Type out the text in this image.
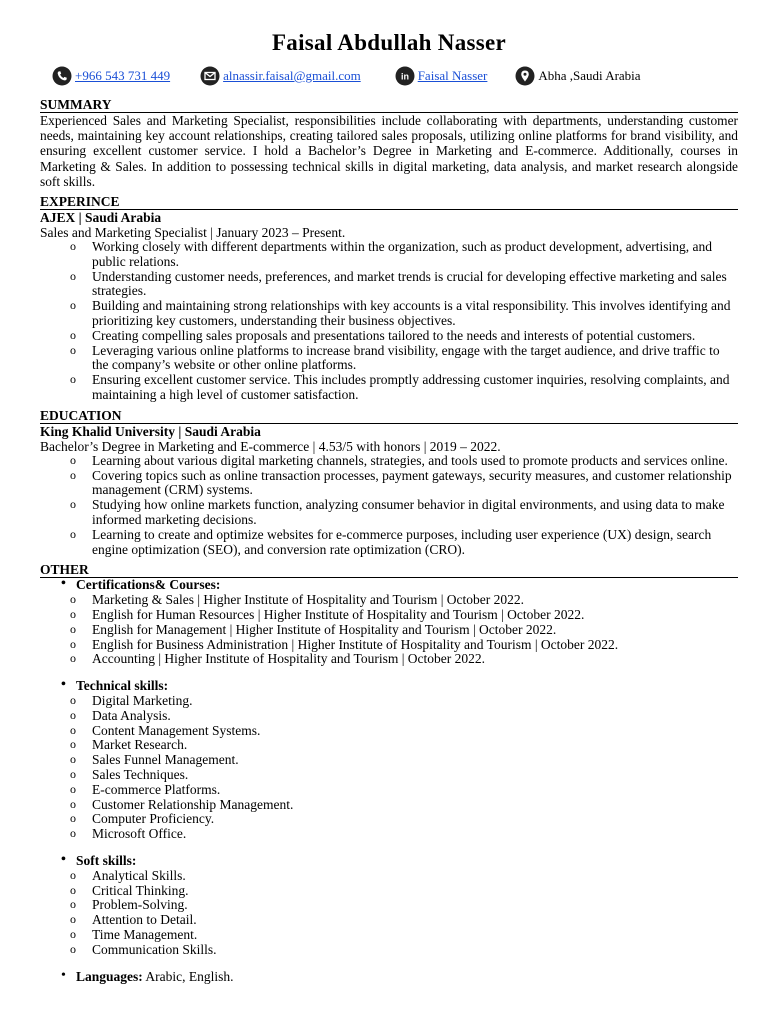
Faisal Abdullah Nasser
+966 543 731 449	alnassir.faisal@gmail.com	in Faisal Nasser	Abha ,Saudi Arabia
SUMMARY
Experienced Sales and Marketing Specialist, responsibilities include collaborating with departments, understanding customer needs, maintaining key account relationships, creating tailored sales proposals, utilizing online platforms for brand visibility, and ensuring excellent customer service. I hold a Bachelor’s Degree in Marketing and E-commerce. Additionally, courses in Marketing & Sales. In addition to possessing technical skills in digital marketing, data analysis, and market research alongside soft skills.
EXPERINCE
AJEX | Saudi Arabia
Sales and Marketing Specialist | January 2023 – Present.
o Working closely with different departments within the organization, such as product development, advertising, and public relations.
o Understanding customer needs, preferences, and market trends is crucial for developing effective marketing and sales strategies.
o Building and maintaining strong relationships with key accounts is a vital responsibility. This involves identifying and prioritizing key customers, understanding their business objectives.
o Creating compelling sales proposals and presentations tailored to the needs and interests of potential customers.
o Leveraging various online platforms to increase brand visibility, engage with the target audience, and drive traffic to the company’s website or other online platforms.
o Ensuring excellent customer service. This includes promptly addressing customer inquiries, resolving complaints, and maintaining a high level of customer satisfaction.
EDUCATION
King Khalid University | Saudi Arabia
Bachelor’s Degree in Marketing and E-commerce | 4.53/5 with honors | 2019 – 2022.
o Learning about various digital marketing channels, strategies, and tools used to promote products and services online.
o Covering topics such as online transaction processes, payment gateways, security measures, and customer relationship management (CRM) systems.
o Studying how online markets function, analyzing consumer behavior in digital environments, and using data to make informed marketing decisions.
o Learning to create and optimize websites for e-commerce purposes, including user experience (UX) design, search engine optimization (SEO), and conversion rate optimization (CRO).
OTHER
• Certifications& Courses:
o Marketing & Sales | Higher Institute of Hospitality and Tourism | October 2022.
o English for Human Resources | Higher Institute of Hospitality and Tourism | October 2022.
o English for Management | Higher Institute of Hospitality and Tourism | October 2022.
o English for Business Administration | Higher Institute of Hospitality and Tourism | October 2022.
o Accounting | Higher Institute of Hospitality and Tourism | October 2022.
• Technical skills:
o Digital Marketing.
o Data Analysis.
o Content Management Systems.
o Market Research.
o Sales Funnel Management.
o Sales Techniques.
o E-commerce Platforms.
o Customer Relationship Management.
o Computer Proficiency.
o Microsoft Office.
• Soft skills:
o Analytical Skills.
o Critical Thinking.
o Problem-Solving.
o Attention to Detail.
o Time Management.
o Communication Skills.
• Languages: Arabic, English.
